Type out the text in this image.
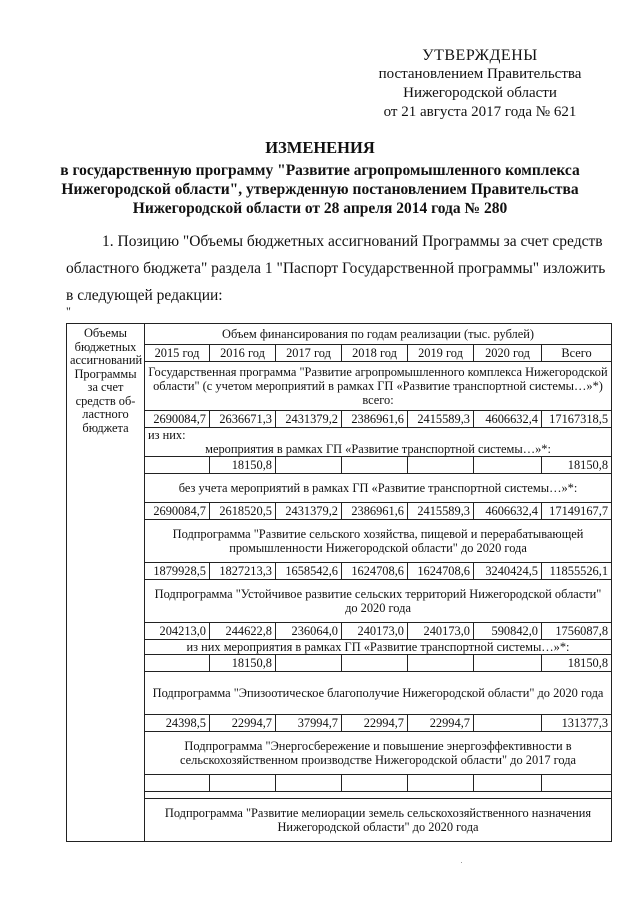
УТВЕРЖДЕНЫ
постановлением Правительства
Нижегородской области
от 21 августа 2017 года № 621
ИЗМЕНЕНИЯ
в государственную программу "Развитие агропромышленного комплекса
Нижегородской области", утвержденную постановлением Правительства
Нижегородской области от 28 апреля 2014 года № 280
1. Позицию "Объемы бюджетных ассигнований Программы за счет средств
областного бюджета" раздела 1 "Паспорт Государственной программы" изложить
в следующей редакции:
"
Объемы бюджетных ассигнований Программы за счет средств об-ластного бюджета	Объем финансирования по годам реализации (тыс. рублей)						
	2015 год	2016 год	2017 год	2018 год	2019 год	2020 год	Всего
	Государственная программа "Развитие агропромышленного комплекса Нижегородской области" (с учетом мероприятий в рамках ГП «Развитие транспортной системы…»*) всего:						
	2690084,7	2636671,3	2431379,2	2386961,6	2415589,3	4606632,4	17167318,5
	из них:						
	мероприятия в рамках ГП «Развитие транспортной системы…»*:						
		18150,8					18150,8
	без учета мероприятий в рамках ГП «Развитие транспортной системы…»*:						
	2690084,7	2618520,5	2431379,2	2386961,6	2415589,3	4606632,4	17149167,7
	Подпрограмма "Развитие сельского хозяйства, пищевой и перерабатывающей промышленности Нижегородской области" до 2020 года						
	1879928,5	1827213,3	1658542,6	1624708,6	1624708,6	3240424,5	11855526,1
	Подпрограмма "Устойчивое развитие сельских территорий Нижегородской области" до 2020 года						
	204213,0	244622,8	236064,0	240173,0	240173,0	590842,0	1756087,8
	из них мероприятия в рамках ГП «Развитие транспортной системы…»*:						
		18150,8					18150,8
	Подпрограмма "Эпизоотическое благополучие Нижегородской области" до 2020 года						
	24398,5	22994,7	37994,7	22994,7	22994,7		131377,3
	Подпрограмма "Энергосбережение и повышение энергоэффективности в сельскохозяйственном производстве Нижегородской области" до 2017 года						

	Подпрограмма "Развитие мелиорации земель сельскохозяйственного назначения Нижегородской области" до 2020 года						
